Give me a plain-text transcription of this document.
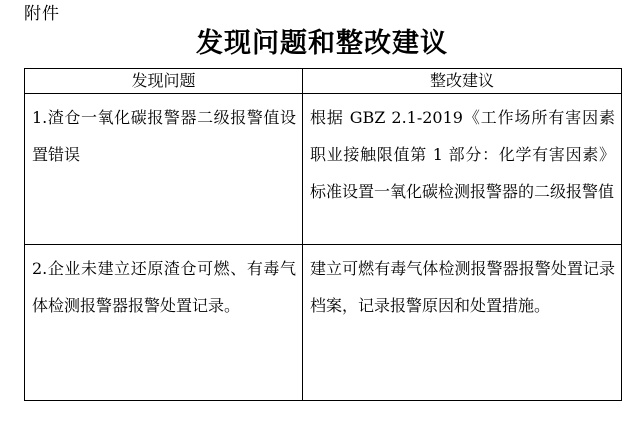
附件
发现问题和整改建议
发现问题	整改建议
1.渣仓一氧化碳报警器二级报警值设置错误	根据 GBZ 2.1-2019《工作场所有害因素职业接触限值第 1 部分：化学有害因素》标准设置一氧化碳检测报警器的二级报警值
2.企业未建立还原渣仓可燃、有毒气体检测报警器报警处置记录。	建立可燃有毒气体检测报警器报警处置记录档案，记录报警原因和处置措施。
